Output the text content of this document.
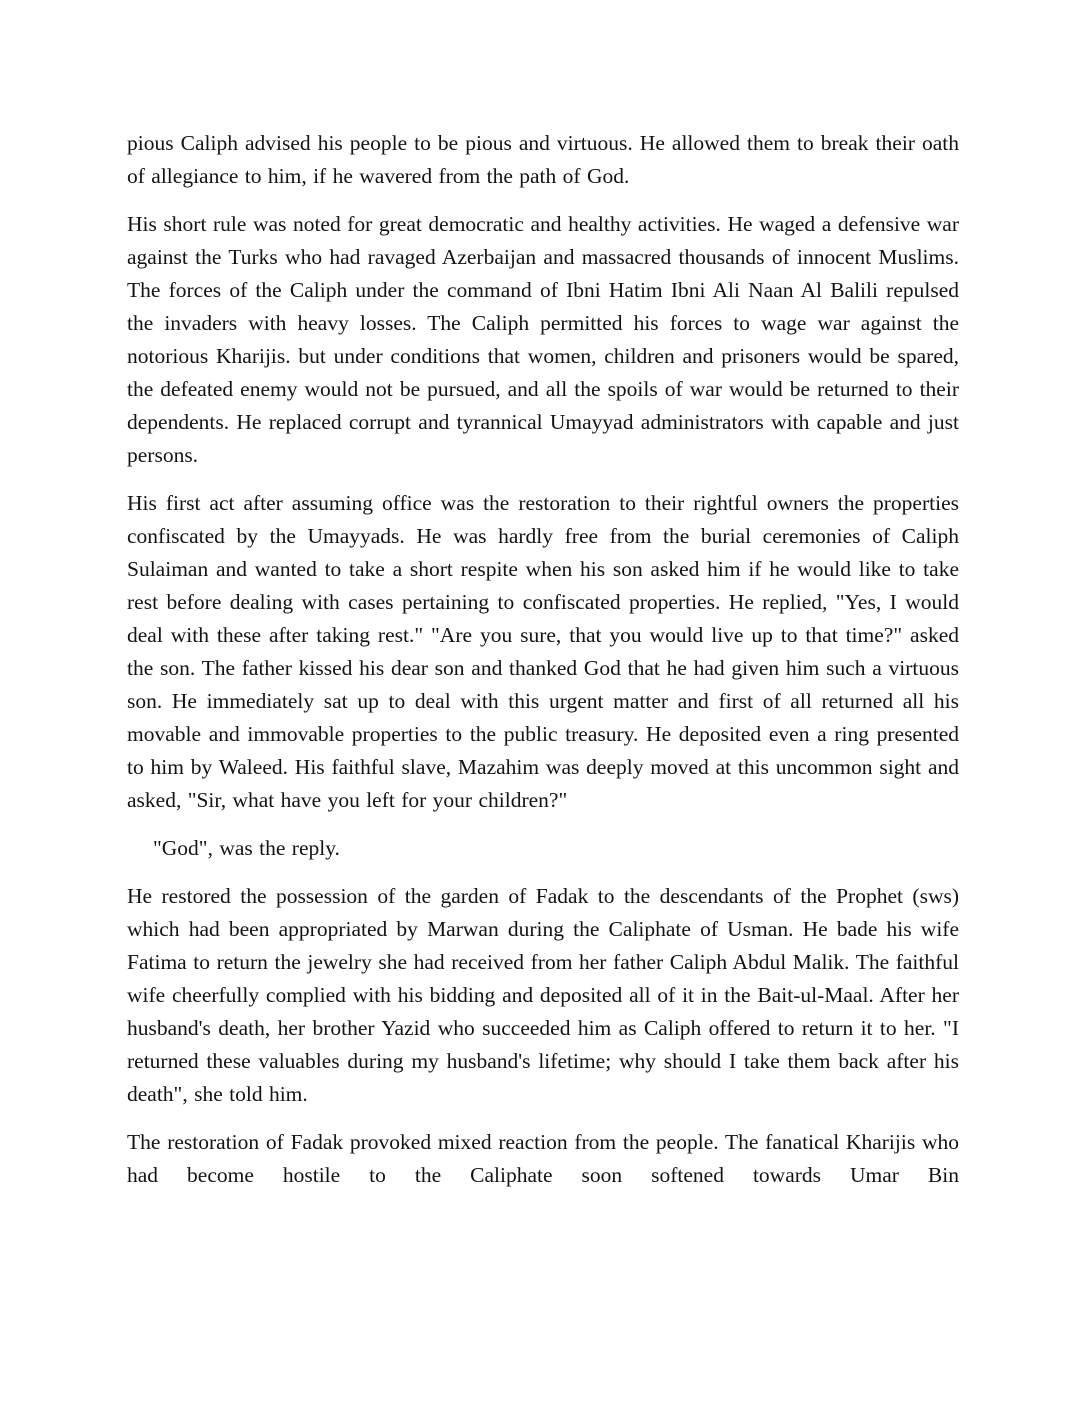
pious Caliph advised his people to be pious and virtuous. He allowed them to break their oath of allegiance to him, if he wavered from the path of God.

His short rule was noted for great democratic and healthy activities. He waged a defensive war against the Turks who had ravaged Azerbaijan and massacred thousands of innocent Muslims. The forces of the Caliph under the command of Ibni Hatim Ibni Ali Naan Al Balili repulsed the invaders with heavy losses. The Caliph permitted his forces to wage war against the notorious Kharijis. but under conditions that women, children and prisoners would be spared, the defeated enemy would not be pursued, and all the spoils of war would be returned to their dependents. He replaced corrupt and tyrannical Umayyad administrators with capable and just persons.

His first act after assuming office was the restoration to their rightful owners the properties confiscated by the Umayyads. He was hardly free from the burial ceremonies of Caliph Sulaiman and wanted to take a short respite when his son asked him if he would like to take rest before dealing with cases pertaining to confiscated properties. He replied, "Yes, I would deal with these after taking rest." "Are you sure, that you would live up to that time?" asked the son. The father kissed his dear son and thanked God that he had given him such a virtuous son. He immediately sat up to deal with this urgent matter and first of all returned all his movable and immovable properties to the public treasury. He deposited even a ring presented to him by Waleed. His faithful slave, Mazahim was deeply moved at this uncommon sight and asked, "Sir, what have you left for your children?"

"God", was the reply.

He restored the possession of the garden of Fadak to the descendants of the Prophet (sws) which had been appropriated by Marwan during the Caliphate of Usman. He bade his wife Fatima to return the jewelry she had received from her father Caliph Abdul Malik. The faithful wife cheerfully complied with his bidding and deposited all of it in the Bait-ul-Maal. After her husband's death, her brother Yazid who succeeded him as Caliph offered to return it to her. "I returned these valuables during my husband's lifetime; why should I take them back after his death", she told him.

The restoration of Fadak provoked mixed reaction from the people. The fanatical Kharijis who had become hostile to the Caliphate soon softened towards Umar Bin
